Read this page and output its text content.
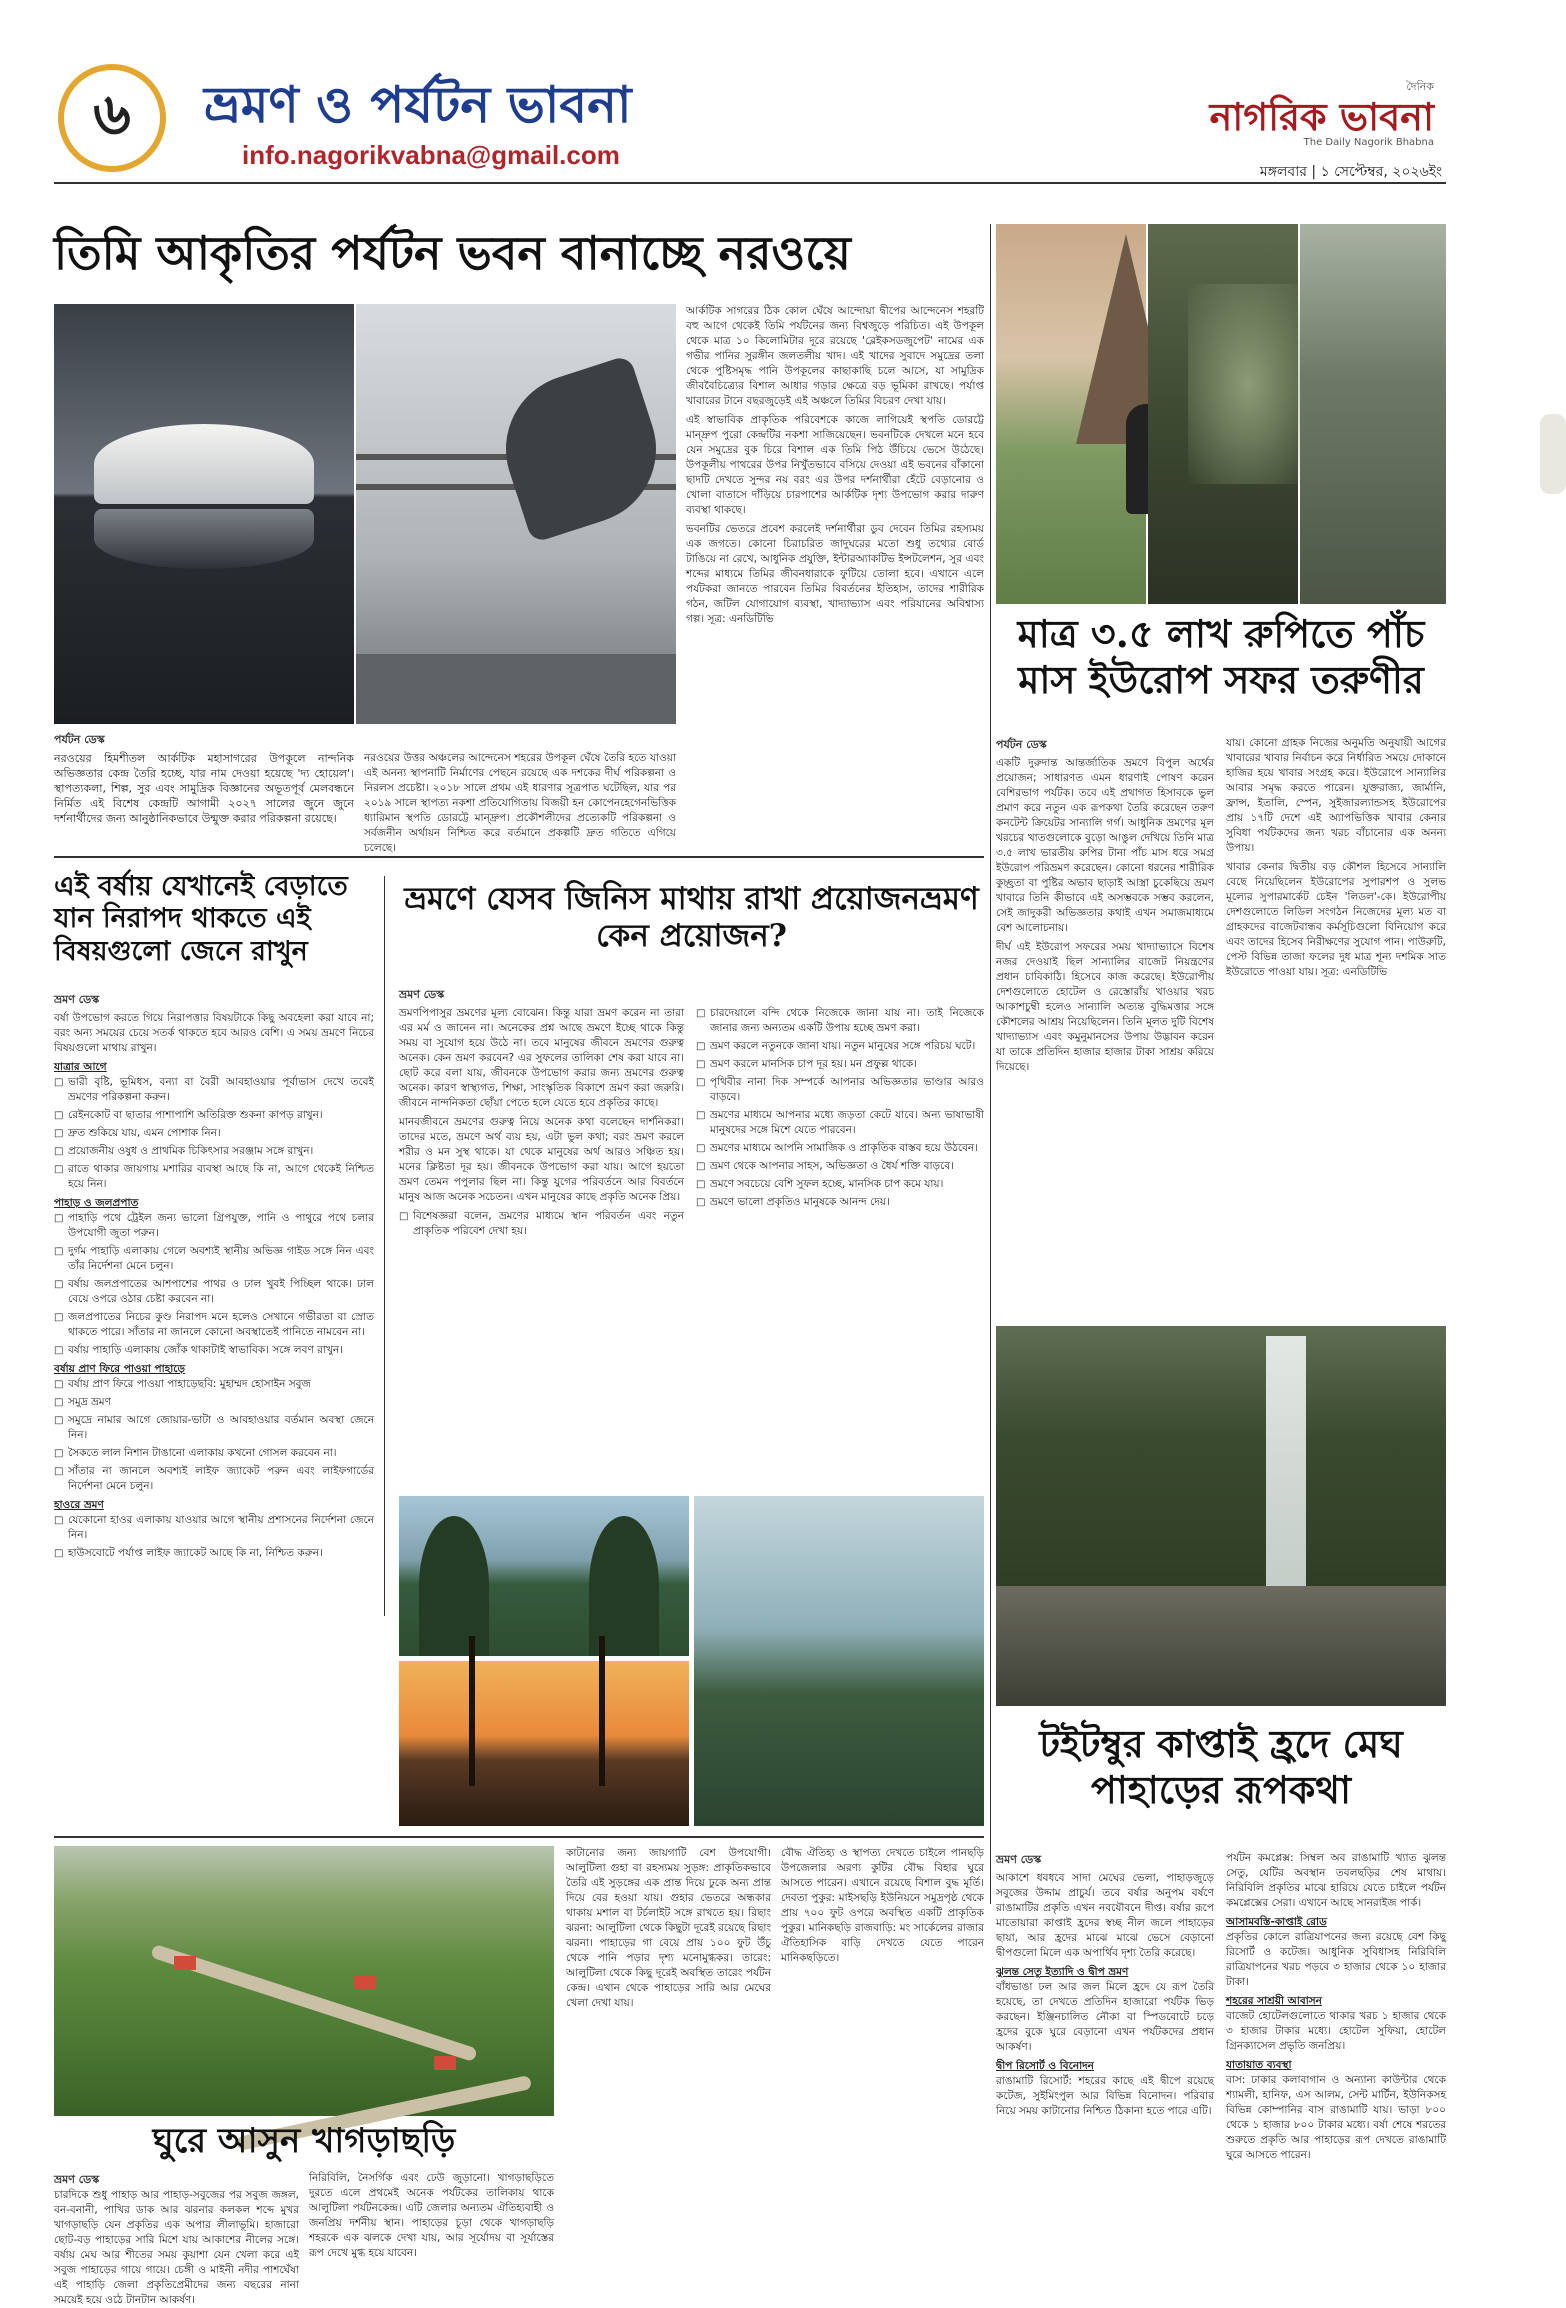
৬	ভ্রমণ ও পর্যটন ভাবনা
info.nagorikvabna@gmail.com
দৈনিক
নাগরিক ভাবনা
The Daily Nagorik Bhabna
মঙ্গলবার | ১ সেপ্টেম্বর, ২০২৬ইং
তিমি আকৃতির পর্যটন ভবন বানাচ্ছে নরওয়ে
পর্যটন ডেস্ক
নরওয়ের হিমশীতল আর্কটিক মহাসাগরের উপকূলে নান্দনিক অভিজ্ঞতার কেন্দ্র তৈরি হচ্ছে, যার নাম দেওয়া হয়েছে 'দ্য হোয়েল'। স্থাপত্যকলা, শিল্প, সুর এবং সামুদ্রিক বিজ্ঞানের অভূতপূর্ব মেলবন্ধনে নির্মিত এই বিশেষ কেন্দ্রটি আগামী ২০২৭ সালের জুনে জুনে দর্শনার্থীদের জন্য আনুষ্ঠানিকভাবে উন্মুক্ত করার পরিকল্পনা রয়েছে।
নরওয়ের উত্তর অঞ্চলের আন্দেনেস শহরের উপকূল ঘেঁষে তৈরি হতে যাওয়া এই অনন্য স্থাপনাটি নির্মাণের পেছনে রয়েছে এক দশকের দীর্ঘ পরিকল্পনা ও নিরলস প্রচেষ্টা। ২০১৮ সালে প্রথম এই ধারণার সূত্রপাত ঘটেছিল, যার পর ২০১৯ সালে স্থাপত্য নকশা প্রতিযোগিতায় বিজয়ী হন কোপেনহেগেনভিত্তিক ধ্যারিমান স্থপতি ডোরট্টে মান্দ্রুপ। প্রকৌশলীদের প্রত্যেকটি পরিকল্পনা ও সর্বজনীন অর্থায়ন নিশ্চিত করে বর্তমানে প্রকল্পটি দ্রুত গতিতে এগিয়ে চলেছে।

আর্কটিক সাগরের ঠিক কোল ঘেঁষে আন্দোয়া দ্বীপের আন্দেনেস শহরটি বহু আগে থেকেই তিমি পর্যটনের জন্য বিশ্বজুড়ে পরিচিত। এই উপকূল থেকে মাত্র ১০ কিলোমিটার দূরে রয়েছে 'ব্লেইকসডজুপেট' নামের এক গভীর পানির সুরঙ্গীন জলতলীয় খাদ। এই খাদের সুবাদে সমুদ্রের তলা থেকে পুষ্টিসমৃদ্ধ পানি উপকূলের কাছাকাছি চলে আসে, যা সামুদ্রিক জীববৈচিত্র্যের বিশাল আধার গড়ার ক্ষেত্রে বড় ভূমিকা রাখছে। পর্যাপ্ত খাবারের টানে বছরজুড়েই এই অঞ্চলে তিমির বিচরণ দেখা যায়।

এই স্বাভাবিক প্রাকৃতিক পরিবেশকে কাজে লাগিয়েই স্থপতি ডোরট্টে মান্দ্রুপ পুরো কেন্দ্রটির নকশা সাজিয়েছেন। ভবনটিকে দেখলে মনে হবে যেন সমুদ্রের বুক চিরে বিশাল এক তিমি পিঠ উঁচিয়ে ভেসে উঠেছে। উপকূলীয় পাথরের উপর নিখুঁতভাবে বসিয়ে দেওয়া এই ভবনের বাঁকানো ছাদটি দেখতে সুন্দর নয় বরং এর উপর দর্শনার্থীরা হেঁটে বেড়ানোর ও খোলা বাতাসে দাঁড়িয়ে চারপাশের আর্কটিক দৃশ্য উপভোগ করার দারুণ ব্যবস্থা থাকছে।

ভবনটির ভেতরে প্রবেশ করলেই দর্শনার্থীরা ডুব দেবেন তিমির রহস্যময় এক জগতে। কোনো চিরাচরিত জাদুঘরের মতো শুধু তথ্যের বোর্ড টাঙিয়ে না রেখে, আধুনিক প্রযুক্তি, ইন্টারঅ্যাকটিভ ইন্সটলেশন, সুর এবং শব্দের মাধ্যমে তিমির জীবনধারাকে ফুটিয়ে তোলা হবে। এখানে এলে পর্যটকরা জানতে পারবেন তিমির বিবর্তনের ইতিহাস, তাদের শারীরিক গঠন, জটিল যোগাযোগ ব্যবস্থা, খাদ্যাভ্যাস এবং পরিযানের অবিশ্বাস্য গল্প। সূত্র: এনডিটিভি	মাত্র ৩.৫ লাখ রুপিতে পাঁচ মাস ইউরোপ সফর তরুণীর
পর্যটন ডেস্ক

একটি দুরুদান্ত আন্তর্জাতিক ভ্রমণে বিপুল অর্থের প্রয়োজন; সাধারণত এমন ধারণাই পোষণ করেন বেশিরভাগ পর্যটক। তবে এই প্রথাগত হিসাবকে ভুল প্রমাণ করে নতুন এক রূপকথা তৈরি করেছেন তরুণ কনটেন্ট ক্রিয়েটর সান্যালি গর্গ। আধুনিক ভ্রমণের মূল খরচের খাতগুলোকে বুড়ো আঙুল দেখিয়ে তিনি মাত্র ৩.৫ লাখ ভারতীয় রুপির টানা পাঁচ মাস ধরে সমগ্র ইউরোপ পরিভ্রমণ করেছেন। কোনো ধরনের শারীরিক কুচ্ছ্রতা বা পুষ্টির অভাব ছাড়াই আস্ত্রা চুকেছিয়ে ভ্রমণ খাবারে তিনি কীভাবে এই অসম্ভবকে সম্ভব করলেন, সেই জাদুকরী অভিজ্ঞতার কথাই এখন সমাজমাধ্যমে বেশ আলোচনায়।

দীর্ঘ এই ইউরোপ সফরের সময় খাদ্যাভ্যাসে বিশেষ নজর দেওয়াই ছিল সান্যালির বাজেট নিয়ন্ত্রণের প্রধান চাবিকাঠি। হিসেবে কাজ করেছে। ইউরোপীয় দেশগুলোতে হোটেল ও রেস্তোরাঁয় খাওয়ার খরচ আকাশচুম্বী হলেও সান্যালি অত্যন্ত বুদ্ধিমত্তার সঙ্গে কৌশলের আশ্রয় নিয়েছিলেন। তিনি মূলত দুটি বিশেষ খাদ্যাভ্যাস এবং কমুনুমানসের উপায় উদ্ভাবন করেন যা তাকে প্রতিদিন হাজার হাজার টাকা সাশ্রয় করিয়ে দিয়েছে।

যায়। কোনো গ্রাহক নিজের অনুমতি অনুযায়ী আগের খাবারের খাবার নির্বাচন করে নির্ধারিত সময়ে দোকানে হাজির হয়ে খাবার সংগ্রহ করে। ইউরোপে সান্যালির আবার সমৃদ্ধ করতে পারেন। যুক্তরাজ্য, জার্মানি, ফ্রান্স, ইতালি, স্পেন, সুইজারল্যান্ডসহ ইউরোপের প্রায় ১৭টি দেশে এই অ্যাপভিত্তিক খাবার কেনার সুবিধা পর্যটকদের জন্য খরচ বাঁচানোর এক অনন্য উপায়।

খাবার কেনার দ্বিতীয় বড় কৌশল হিসেবে সান্যালি বেছে নিয়েছিলেন ইউরোপের সুপারশপ ও সুলভ মূল্যের সুপারমার্কেট চেইন 'লিডল'-কে। ইউরোপীয় দেশগুলোতে লিডিল সংগঠন নিজেদের মূল্য মত বা গ্রাহকদের বাজেটবান্ধব কর্মসূচিগুলো বিনিয়োগ করে এবং তাদের হিসেব নিরীক্ষণের সুযোগ পান। পাউরুটি, পেস্ট বিভিন্ন তাজা ফলের দুধ মাত্র শূন্য দশমিক সাত ইউরোতে পাওয়া যায়। সূত্র: এনডিটিভি

এই বর্ষায় যেখানেই বেড়াতে যান নিরাপদ থাকতে এই বিষয়গুলো জেনে রাখুন
ভ্রমণ ডেস্ক

বর্ষা উপভোগ করতে গিয়ে নিরাপত্তার বিষয়টাকে কিছু অবহেলা করা যাবে না; বরং অন্য সময়ের চেয়ে সতর্ক থাকতে হবে আরও বেশি। এ সময় ভ্রমণে নিচের বিষয়গুলো মাথায় রাখুন।

যাত্রার আগে
□ ভারী বৃষ্টি, ভূমিধস, বন্যা বা বৈরী আবহাওয়ার পূর্বাভাস দেখে তবেই ভ্রমণের পরিকল্পনা করুন।
□ রেইনকোট বা ছাতার পাশাপাশি অতিরিক্ত শুকনা কাপড় রাখুন।
□ দ্রুত শুকিয়ে যায়, এমন পোশাক নিন।
□ প্রয়োজনীয় ওষুধ ও প্রাথমিক চিকিৎসার সরঞ্জাম সঙ্গে রাখুন।
□ রাতে থাকার জায়গায় মশারির ব্যবস্থা আছে কি না, আগে থেকেই নিশ্চিত হয়ে নিন।
পাহাড় ও জলপ্রপাত
□ পাহাড়ি পথে ট্রেইল জন্য ভালো গ্রিপযুক্ত, পানি ও পাথুরে পথে চলার উপযোগী জুতা পরুন।
□ দুর্গম পাহাড়ি এলাকায় গেলে অবশ্যই স্থানীয় অভিজ্ঞ গাইড সঙ্গে নিন এবং তাঁর নির্দেশনা মেনে চলুন।
□ বর্ষায় জলপ্রপাতের আশপাশের পাথর ও ঢাল খুবই পিচ্ছিল থাকে। ঢাল বেয়ে ওপরে ওঠার চেষ্টা করবেন না।
□ জলপ্রপাতের নিচের কুণ্ড নিরাপদ মনে হলেও সেখানে গভীরতা বা স্রোত থাকতে পারে। সাঁতার না জানলে কোনো অবস্থাতেই পানিতে নামবেন না।
□ বর্ষায় পাহাড়ি এলাকায় জোঁক থাকাটাই স্বাভাবিক। সঙ্গে লবণ রাখুন।
বর্ষায় প্রাণ ফিরে পাওয়া পাহাড়ে
□ বর্ষায় প্রাণ ফিরে পাওয়া পাহাড়েছবি: মুহাম্মদ হোসাইন সবুজ
□ সমুদ্র ভ্রমণ
□ সমুদ্রে নামার আগে জোয়ার-ভাটা ও আবহাওয়ার বর্তমান অবস্থা জেনে নিন।
□ সৈকতে লাল নিশান টাঙানো এলাকায় কখনো গোসল করবেন না।
□ সাঁতার না জানলে অবশ্যই লাইফ জ্যাকেট পরুন এবং লাইফগার্ডের নির্দেশনা মেনে চলুন।
হাওরে ভ্রমণ
□ যেকোনো হাওর এলাকায় যাওয়ার আগে স্থানীয় প্রশাসনের নির্দেশনা জেনে নিন।
□ হাউসবোটে পর্যাপ্ত লাইফ জ্যাকেট আছে কি না, নিশ্চিত করুন।
ভ্রমণে যেসব জিনিস মাথায় রাখা প্রয়োজনভ্রমণ কেন প্রয়োজন?
ভ্রমণ ডেস্ক

ভ্রমণপিপাসুর ভ্রমণের মূল্য বোঝেন। কিন্তু যারা ভ্রমণ করেন না তারা এর মর্ম ও জানেন না। অনেকের প্রশ্ন আছে ভ্রমণে ইচ্ছে থাকে কিন্তু সময় বা সুযোগ হয়ে উঠে না। তবে মানুষের জীবনে ভ্রমণের গুরুত্ব অনেক। কেন ভ্রমণ করবেন? এর সুফলের তালিকা শেষ করা যাবে না। ছোট করে বলা যায়, জীবনকে উপভোগ করার জন্য ভ্রমণের গুরুত্ব অনেক। কারণ স্বাস্থ্যগত, শিক্ষা, সাংস্কৃতিক বিকাশে ভ্রমণ করা জরুরি। জীবনে নান্দনিকতা ছোঁয়া পেতে হলে যেতে হবে প্রকৃতির কাছে।

মানবজীবনে ভ্রমণের গুরুত্ব নিয়ে অনেক কথা বলেছেন দার্শনিকরা। তাদের মতে, ভ্রমণে অর্থ ব্যয় হয়, এটা ভুল কথা; বরং ভ্রমণ করলে শরীর ও মন সুস্থ থাকে। যা থেকে মানুষের অর্থ আরও সঞ্চিত হয়। মনের ক্লিষ্টতা দূর হয়। জীবনকে উপভোগ করা যায়। আগে হয়তো ভ্রমণ তেমন পপুলার ছিল না। কিন্তু যুগের পরিবর্তনে আর বিবর্তনে মানুষ আজ অনেক সচেতন। এখন মানুষের কাছে প্রকৃতি অনেক প্রিয়।

□ বিশেষজ্ঞরা বলেন, ভ্রমণের মাধ্যমে স্থান পরিবর্তন এবং নতুন প্রাকৃতিক পরিবেশ দেখা হয়।
□ চারদেয়ালে বন্দি থেকে নিজেকে জানা যায় না। তাই নিজেকে জানার জন্য অন্যতম একটি উপায় হচ্ছে ভ্রমণ করা।
□ ভ্রমণ করলে নতুনকে জানা যায়। নতুন মানুষের সঙ্গে পরিচয় ঘটে।
□ ভ্রমণ করলে মানসিক চাপ দূর হয়। মন প্রফুল্ল থাকে।
□ পৃথিবীর নানা দিক সম্পর্কে আপনার অভিজ্ঞতার ভাণ্ডার আরও বাড়বে।
□ ভ্রমণের মাধ্যমে আপনার মধ্যে জড়তা কেটে যাবে। অন্য ভাষাভাষী মানুষদের সঙ্গে মিশে যেতে পারবেন।
□ ভ্রমণের মাধ্যমে আপনি সামাজিক ও প্রাকৃতিক বাস্তব হয়ে উঠবেন।
□ ভ্রমণ থেকে আপনার সাহস, অভিজ্ঞতা ও ধৈর্য শক্তি বাড়বে।
□ ভ্রমণে সবচেয়ে বেশি সুফল হচ্ছে, মানসিক চাপ কমে যায়।
□ ভ্রমণে ভালো প্রকৃতিও মানুষকে আনন্দ দেয়।
টইটম্বুর কাপ্তাই হ্রদে মেঘ পাহাড়ের রূপকথা
ভ্রমণ ডেস্ক

আকাশে ধবধবে সাদা মেঘের ভেলা, পাহাড়জুড়ে সবুজের উদ্দাম প্রাচুর্য। তবে বর্ষার অনুপম বর্ষণে রাঙামাটির প্রকৃতি এখন নবযৌবনে দীপ্ত। বর্ষার রূপে মাতোয়ারা কাপ্তাই হ্রদের স্বচ্ছ নীল জলে পাহাড়ের ছায়া, আর হ্রদের মাঝে মাঝে ভেসে বেড়ানো দ্বীপগুলো মিলে এক অপার্থিব দৃশ্য তৈরি করেছে।

ঝুলন্ত সেতু ইত্যাদি ও দ্বীপ ভ্রমণ

বাঁধভাঙা ঢল আর জল মিলে হ্রদে যে রূপ তৈরি হয়েছে, তা দেখতে প্রতিদিন হাজারো পর্যটক ভিড় করছেন। ইঞ্জিনচালিত নৌকা বা স্পিডবোটে চড়ে হ্রদের বুকে ঘুরে বেড়ানো এখন পর্যটকদের প্রধান আকর্ষণ।

দ্বীপ রিসোর্ট ও বিনোদন

রাঙামাটি রিসোর্ট: শহরের কাছে এই দ্বীপে রয়েছে কটেজ, সুইমিংপুল আর বিভিন্ন বিনোদন। পরিবার নিয়ে সময় কাটানোর নিশ্চিত ঠিকানা হতে পারে এটি।

পর্যটন কমপ্লেক্স: সিম্বল অব রাঙামাটি খ্যাত ঝুলন্ত সেতু, যেটির অবস্থান তবলছড়ির শেষ মাথায়। নিরিবিলি প্রকৃতির মাঝে হারিয়ে যেতে চাইলে পর্যটন কমপ্লেক্সের সেরা। এখানে আছে সানরাইজ পার্ক।

আসামবস্তি-কাপ্তাই রোড

প্রকৃতির কোলে রাত্রিযাপনের জন্য রয়েছে বেশ কিছু রিসোর্ট ও কটেজ। আধুনিক সুবিধাসহ নিরিবিলি রাত্রিযাপনের খরচ পড়বে ৩ হাজার থেকে ১০ হাজার টাকা।

শহরের সাশ্রয়ী আবাসন

বাজেট হোটেলগুলোতে থাকার খরচ ১ হাজার থেকে ৩ হাজার টাকার মধ্যে। হোটেল সুফিয়া, হোটেল গ্রিনক্যাসেল প্রভৃতি জনপ্রিয়।

যাতায়াত ব্যবস্থা

বাস: ঢাকার কলাবাগান ও অন্যান্য কাউন্টার থেকে শ্যামলী, হানিফ, এস আলম, সেন্ট মার্টিন, ইউনিকসহ বিভিন্ন কোম্পানির বাস রাঙামাটি যায়। ভাড়া ৮০০ থেকে ১ হাজার ৮০০ টাকার মধ্যে। বর্ষা শেষে শরতের শুরুতে প্রকৃতি আর পাহাড়ের রূপ দেখতে রাঙামাটি ঘুরে আসতে পারেন।

ঘুরে আসুন খাগড়াছড়ি
ভ্রমণ ডেস্ক
চারদিকে শুধু পাহাড় আর পাহাড়-সবুজের পর সবুজ জঙ্গল, বন-বনানী, পাখির ডাক আর ঝরনার কলকল শব্দে মুখর খাগড়াছড়ি যেন প্রকৃতির এক অপার লীলাভূমি। হাজারো ছোট-বড় পাহাড়ের সারি মিশে যায় আকাশের নীলের সঙ্গে। বর্ষায় মেঘ আর শীতের সময় কুয়াশা যেন খেলা করে এই সবুজ পাহাড়ের গায়ে গায়ে। চেঙ্গী ও মাইনী নদীর পাশঘেঁষা এই পাহাড়ি জেলা প্রকৃতিপ্রেমীদের জন্য বছরের নানা সময়েই হয়ে ওঠে টানটান আকর্ষণ।
নিরিবিলি, নৈসর্গিক এবং ঢেউ জুড়ানো। খাগড়াছড়িতে দুরতে এলে প্রথমেই অনেক পর্যটকের তালিকায় থাকে আলুটিলা পর্যটনকেন্দ্র। এটি জেলার অন্যতম ঐতিহ্যবাহী ও জনপ্রিয় দর্শনীয় স্থান। পাহাড়ের চূড়া থেকে খাগড়াছড়ি শহরকে এক ঝলকে দেখা যায়, আর সূর্যোদয় বা সূর্যাস্তের রূপ দেখে মুগ্ধ হয়ে যাবেন।
কাটানোর জন্য জায়গাটি বেশ উপযোগী। আলুটিলা গুহা বা রহস্যময় সুড়ঙ্গ: প্রাকৃতিকভাবে তৈরি এই সুড়ঙ্গের এক প্রান্ত দিয়ে ঢুকে অন্য প্রান্ত দিয়ে বের হওয়া যায়। গুহার ভেতরে অন্ধকার থাকায় মশাল বা টর্চলাইট সঙ্গে রাখতে হয়। রিছাং ঝরনা: আলুটিলা থেকে কিছুটা দূরেই রয়েছে রিছাং ঝরনা। পাহাড়ের গা বেয়ে প্রায় ১০০ ফুট উঁচু থেকে পানি পড়ার দৃশ্য মনোমুগ্ধকর। তারেং: আলুটিলা থেকে কিছু দূরেই অবস্থিত তারেং পর্যটন কেন্দ্র। এখান থেকে পাহাড়ের সারি আর মেঘের খেলা দেখা যায়।
বৌদ্ধ ঐতিহ্য ও স্থাপত্য দেখতে চাইলে পানছড়ি উপজেলার অরণ্য কুটির বৌদ্ধ বিহার ঘুরে আসতে পারেন। এখানে রয়েছে বিশাল বুদ্ধ মূর্তি। দেবতা পুকুর: মাইসছড়ি ইউনিয়নে সমুদ্রপৃষ্ঠ থেকে প্রায় ৭০০ ফুট ওপরে অবস্থিত একটি প্রাকৃতিক পুকুর। মানিকছড়ি রাজবাড়ি: মং সার্কেলের রাজার ঐতিহাসিক বাড়ি দেখতে যেতে পারেন মানিকছড়িতে।
